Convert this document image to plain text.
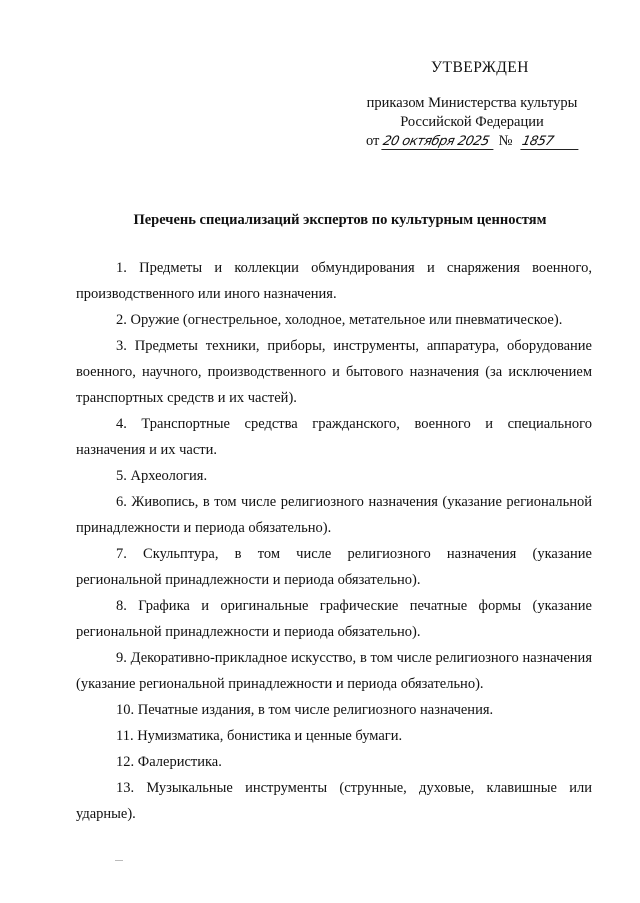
УТВЕРЖДЕН
приказом Министерства культуры
Российской Федерации
от 20 октября 2025 № 1857
Перечень специализаций экспертов по культурным ценностям

1. Предметы и коллекции обмундирования и снаряжения военного, производственного или иного назначения.

2. Оружие (огнестрельное, холодное, метательное или пневматическое).

3. Предметы техники, приборы, инструменты, аппаратура, оборудование военного, научного, производственного и бытового назначения (за исключением транспортных средств и их частей).

4. Транспортные средства гражданского, военного и специального назначения и их части.

5. Археология.

6. Живопись, в том числе религиозного назначения (указание региональной принадлежности и периода обязательно).

7. Скульптура, в том числе религиозного назначения (указание региональной принадлежности и периода обязательно).

8. Графика и оригинальные графические печатные формы (указание региональной принадлежности и периода обязательно).

9. Декоративно-прикладное искусство, в том числе религиозного назначения (указание региональной принадлежности и периода обязательно).

10. Печатные издания, в том числе религиозного назначения.

11. Нумизматика, бонистика и ценные бумаги.

12. Фалеристика.

13. Музыкальные инструменты (струнные, духовые, клавишные или ударные).
